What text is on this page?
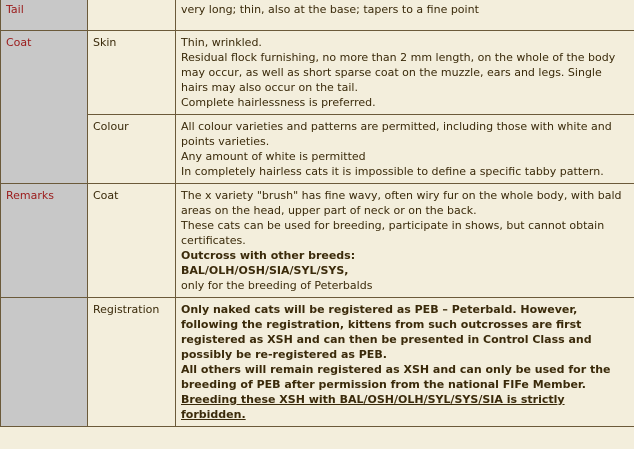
Tail		very long; thin, also at the base; tapers to a fine point
Coat	Skin	Thin, wrinkled.
Residual flock furnishing, no more than 2 mm length, on the whole of the body may occur, as well as short sparse coat on the muzzle, ears and legs. Single hairs may also occur on the tail.
Complete hairlessness is preferred.

	Colour	All colour varieties and patterns are permitted, including those with white and points varieties.
Any amount of white is permitted
In completely hairless cats it is impossible to define a specific tabby pattern.

Remarks	Coat	The x variety "brush" has fine wavy, often wiry fur on the whole body, with bald areas on the head, upper part of neck or on the back.
These cats can be used for breeding, participate in shows, but cannot obtain certificates.
Outcross with other breeds:
BAL/OLH/OSH/SIA/SYL/SYS,
only for the breeding of Peterbalds

	Registration	Only naked cats will be registered as PEB – Peterbald. However, following the registration, kittens from such outcrosses are first registered as XSH and can then be presented in Control Class and possibly be re-registered as PEB.
All others will remain registered as XSH and can only be used for the breeding of PEB after permission from the national FIFe Member.
Breeding these XSH with BAL/OSH/OLH/SYL/SYS/SIA is strictly forbidden.
